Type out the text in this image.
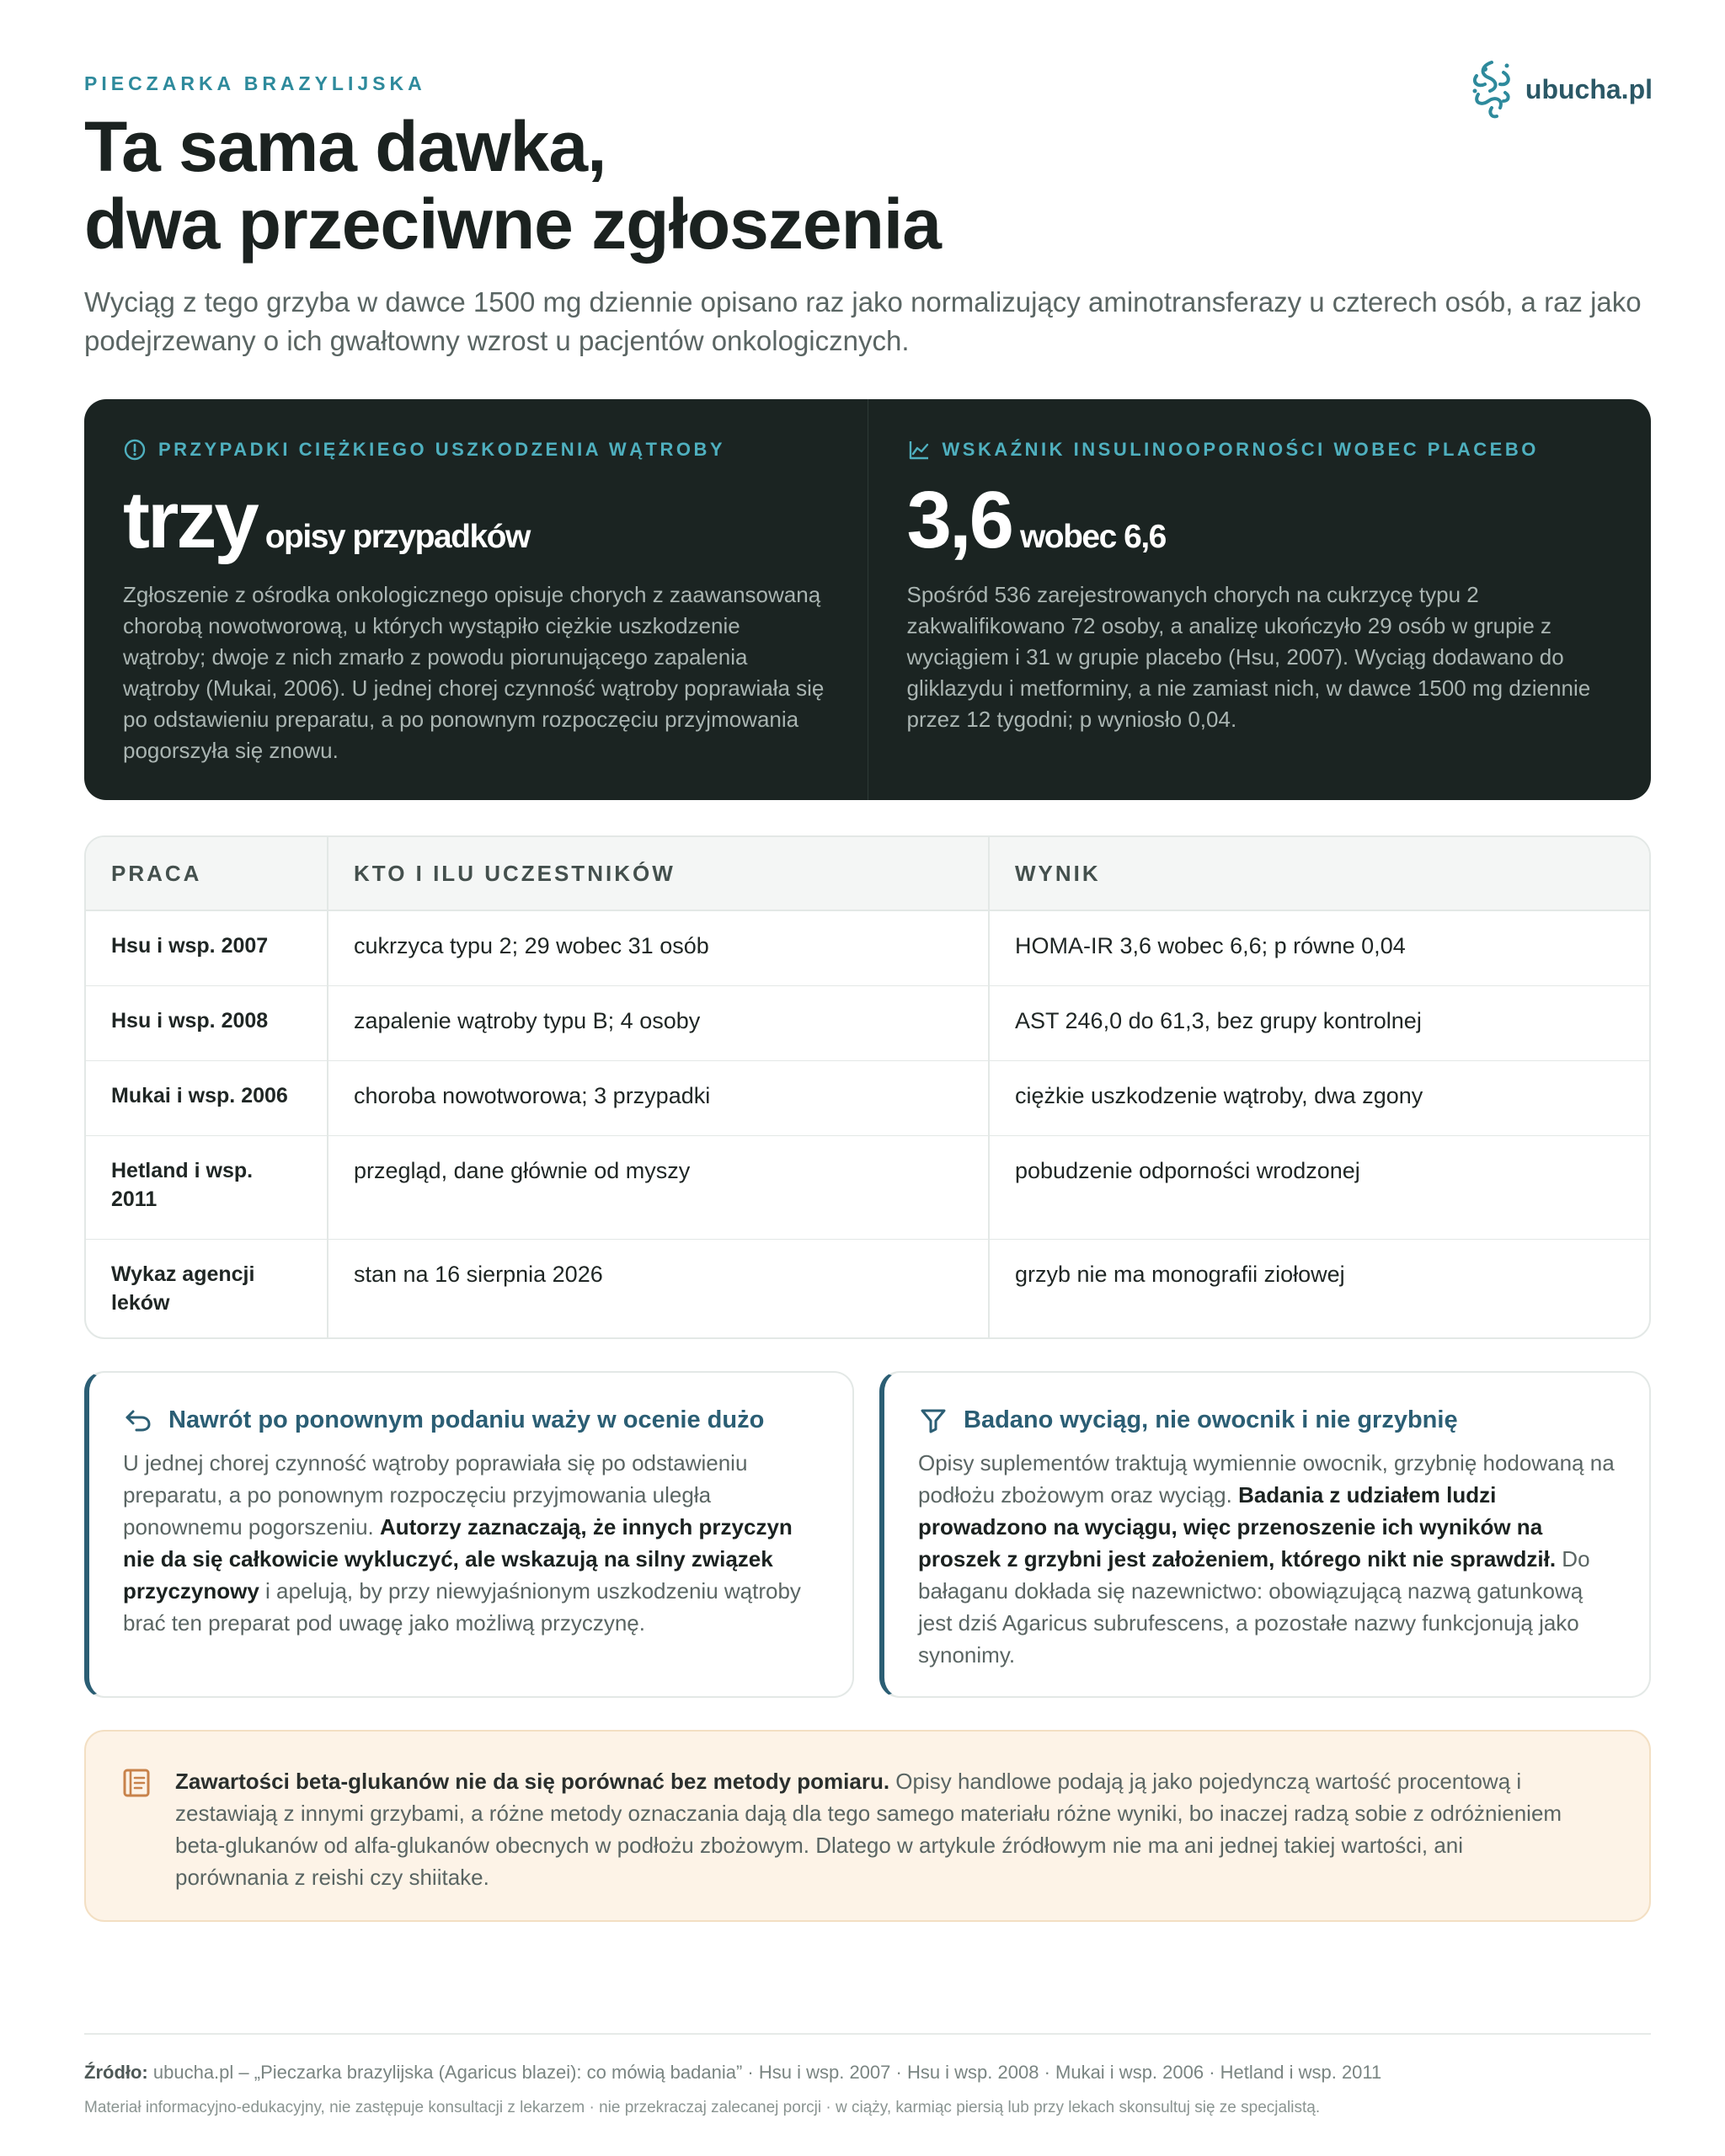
PIECZARKA BRAZYLIJSKA	ubucha.pl
Ta sama dawka,
dwa przeciwne zgłoszenia

Wyciąg z tego grzyba w dawce 1500 mg dziennie opisano raz jako normalizujący aminotransferazy u czterech osób, a raz jako podejrzewany o ich gwałtowny wzrost u pacjentów onkologicznych.

PRZYPADKI CIĘŻKIEGO USZKODZENIA WĄTROBY
trzy opisy przypadków
Zgłoszenie z ośrodka onkologicznego opisuje chorych z zaawansowaną chorobą nowotworową, u których wystąpiło ciężkie uszkodzenie wątroby; dwoje z nich zmarło z powodu piorunującego zapalenia wątroby (Mukai, 2006). U jednej chorej czynność wątroby poprawiała się po odstawieniu preparatu, a po ponownym rozpoczęciu przyjmowania pogorszyła się znowu.
WSKAŹNIK INSULINOOPORNOŚCI WOBEC PLACEBO
3,6 wobec 6,6
Spośród 536 zarejestrowanych chorych na cukrzycę typu 2 zakwalifikowano 72 osoby, a analizę ukończyło 29 osób w grupie z wyciągiem i 31 w grupie placebo (Hsu, 2007). Wyciąg dodawano do gliklazydu i metforminy, a nie zamiast nich, w dawce 1500 mg dziennie przez 12 tygodni; p wyniosło 0,04.
PRACA	KTO I ILU UCZESTNIKÓW	WYNIK
Hsu i wsp. 2007	cukrzyca typu 2; 29 wobec 31 osób	HOMA-IR 3,6 wobec 6,6; p równe 0,04
Hsu i wsp. 2008	zapalenie wątroby typu B; 4 osoby	AST 246,0 do 61,3, bez grupy kontrolnej
Mukai i wsp. 2006	choroba nowotworowa; 3 przypadki	ciężkie uszkodzenie wątroby, dwa zgony
Hetland i wsp. 2011	przegląd, dane głównie od myszy	pobudzenie odporności wrodzonej
Wykaz agencji leków	stan na 16 sierpnia 2026	grzyb nie ma monografii ziołowej
Nawrót po ponownym podaniu waży w ocenie dużo
U jednej chorej czynność wątroby poprawiała się po odstawieniu preparatu, a po ponownym rozpoczęciu przyjmowania uległa ponownemu pogorszeniu. Autorzy zaznaczają, że innych przyczyn nie da się całkowicie wykluczyć, ale wskazują na silny związek przyczynowy i apelują, by przy niewyjaśnionym uszkodzeniu wątroby brać ten preparat pod uwagę jako możliwą przyczynę.
Badano wyciąg, nie owocnik i nie grzybnię
Opisy suplementów traktują wymiennie owocnik, grzybnię hodowaną na podłożu zbożowym oraz wyciąg. Badania z udziałem ludzi prowadzono na wyciągu, więc przenoszenie ich wyników na proszek z grzybni jest założeniem, którego nikt nie sprawdził. Do bałaganu dokłada się nazewnictwo: obowiązującą nazwą gatunkową jest dziś Agaricus subrufescens, a pozostałe nazwy funkcjonują jako synonimy.
Zawartości beta-glukanów nie da się porównać bez metody pomiaru. Opisy handlowe podają ją jako pojedynczą wartość procentową i zestawiają z innymi grzybami, a różne metody oznaczania dają dla tego samego materiału różne wyniki, bo inaczej radzą sobie z odróżnieniem beta-glukanów od alfa-glukanów obecnych w podłożu zbożowym. Dlatego w artykule źródłowym nie ma ani jednej takiej wartości, ani porównania z reishi czy shiitake.
Źródło: ubucha.pl – „Pieczarka brazylijska (Agaricus blazei): co mówią badania” · Hsu i wsp. 2007 · Hsu i wsp. 2008 · Mukai i wsp. 2006 · Hetland i wsp. 2011
Materiał informacyjno-edukacyjny, nie zastępuje konsultacji z lekarzem · nie przekraczaj zalecanej porcji · w ciąży, karmiąc piersią lub przy lekach skonsultuj się ze specjalistą.
